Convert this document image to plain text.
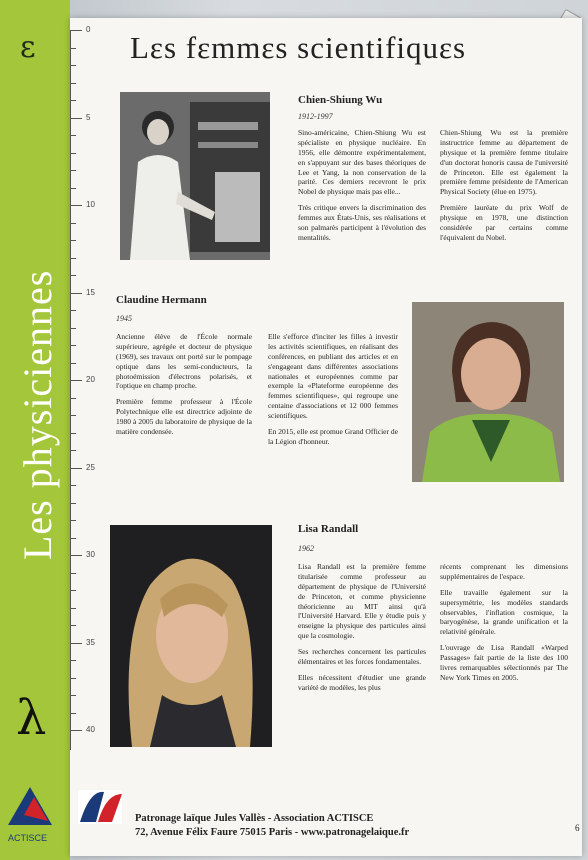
ε
Les physiciennes
λ
0
5
10
15
20
25
30
35
40
Lεs fεmmεs scientifiquεs
Chien-Shiung Wu
1912-1997

Sino-américaine, Chien-Shiung Wu est spécialiste en physique nucléaire. En 1956, elle démontre expérimentalement, en s'appuyant sur des bases théoriques de Lee et Yang, la non conservation de la parité. Ces derniers recevront le prix Nobel de physique mais pas elle...

Très critique envers la discrimination des femmes aux États-Unis, ses réalisations et son palmarès participent à l'évolution des mentalités.

Chien-Shiung Wu est la première instructrice femme au département de physique et la première femme titulaire d'un doctorat honoris causa de l'université de Princeton. Elle est également la première femme présidente de l'American Physical Society (élue en 1975).

Première lauréate du prix Wolf de physique en 1978, une distinction considérée par certains comme l'équivalent du Nobel.

Claudine Hermann
1945

Ancienne élève de l'École normale supérieure, agrégée et docteur de physique (1969), ses travaux ont porté sur le pompage optique dans les semi-conducteurs, la photoémission d'électrons polarisés, et l'optique en champ proche.

Première femme professeur à l'École Polytechnique elle est directrice adjointe de 1980 à 2005 du laboratoire de physique de la matière condensée.

Elle s'efforce d'inciter les filles à investir les activités scientifiques, en réalisant des conférences, en publiant des articles et en s'engageant dans différentes associations nationales et européennes comme par exemple la «Plateforme européenne des femmes scientifiques», qui regroupe une centaine d'associations et 12 000 femmes scientifiques.

En 2015, elle est promue Grand Officier de la Légion d'honneur.

Lisa Randall
1962

Lisa Randall est la première femme titularisée comme professeur au département de physique de l'Université de Princeton, et comme physicienne théoricienne au MIT ainsi qu'à l'Université Harvard. Elle y étudie puis y enseigne la physique des particules ainsi que la cosmologie.

Ses recherches concernent les particules élémentaires et les forces fondamentales.

Elles nécessitent d'étudier une grande variété de modèles, les plus

récents comprenant les dimensions supplémentaires de l'espace.

Elle travaille également sur la supersymétrie, les modèles standards observables, l'inflation cosmique, la baryogénèse, la grande unification et la relativité générale.

L'ouvrage de Lisa Randall «Warped Passages» fait partie de la liste des 100 livres remarquables sélectionnés par The New York Times en 2005.

ACTISCE
Patronage laïque Jules Vallès - Association ACTISCE
72, Avenue Félix Faure 75015 Paris - www.patronagelaique.fr	6
